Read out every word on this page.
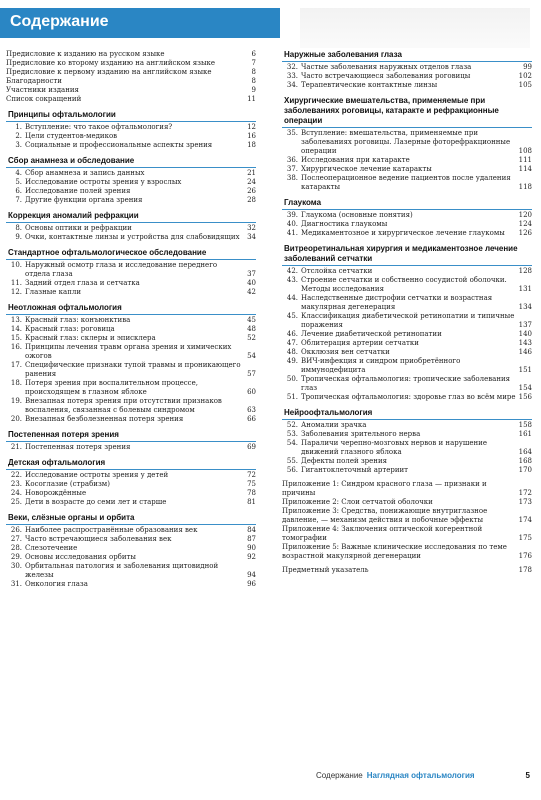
Содержание
Предисловие к изданию на русском языке	6
Предисловие ко второму изданию на английском языке	7
Предисловие к первому изданию на английском языке	8
Благодарности	8
Участники издания	9
Список сокращений	11
Принципы офтальмологии
1. Вступление: что такое офтальмология?	12
2. Цели студентов-медиков	16
3. Социальные и профессиональные аспекты зрения	18
Сбор анамнеза и обследование
4. Сбор анамнеза и запись данных	21
5. Исследование остроты зрения у взрослых	24
6. Исследование полей зрения	26
7. Другие функции органа зрения	28
Коррекция аномалий рефракции
8. Основы оптики и рефракции	32
9. Очки, контактные линзы и устройства для слабовидящих	34
Стандартное офтальмологическое обследование
10. Наружный осмотр глаза и исследование переднего отдела глаза	37
11. Задний отдел глаза и сетчатка	40
12. Глазные капли	42
Неотложная офтальмология
13. Красный глаз: конъюнктива	45
14. Красный глаз: роговица	48
15. Красный глаз: склеры и эписклера	52
16. Принципы лечения травм органа зрения и химических ожогов	54
17. Специфические признаки тупой травмы и проникающего ранения	57
18. Потеря зрения при воспалительном процессе, происходящем в глазном яблоке	60
19. Внезапная потеря зрения при отсутствии признаков воспаления, связанная с болевым синдромом	63
20. Внезапная безболезненная потеря зрения	66
Постепенная потеря зрения
21. Постепенная потеря зрения	69
Детская офтальмология
22. Исследование остроты зрения у детей	72
23. Косоглазие (страбизм)	75
24. Новорождённые	78
25. Дети в возрасте до семи лет и старше	81
Веки, слёзные органы и орбита
26. Наиболее распространённые образования век	84
27. Часто встречающиеся заболевания век	87
28. Слезотечение	90
29. Основы исследования орбиты	92
30. Орбитальная патология и заболевания щитовидной железы	94
31. Онкология глаза	96
Наружные заболевания глаза
32. Частые заболевания наружных отделов глаза	99
33. Часто встречающиеся заболевания роговицы	102
34. Терапевтические контактные линзы	105
Хирургические вмешательства, применяемые при заболеваниях роговицы, катаракте и рефракционные операции
35. Вступление: вмешательства, применяемые при заболеваниях роговицы. Лазерные фоторефракционные операции	108
36. Исследования при катаракте	111
37. Хирургическое лечение катаракты	114
38. Послеоперационное ведение пациентов после удаления катаракты	118
Глаукома
39. Глаукома (основные понятия)	120
40. Диагностика глаукомы	124
41. Медикаментозное и хирургическое лечение глаукомы	126
Витреоретинальная хирургия и медикаментозное лечение заболеваний сетчатки
42. Отслойка сетчатки	128
43. Строение сетчатки и собственно сосудистой оболочки. Методы исследования	131
44. Наследственные дистрофии сетчатки и возрастная макулярная дегенерация	134
45. Классификация диабетической ретинопатии и типичные поражения	137
46. Лечение диабетической ретинопатии	140
47. Облитерация артерии сетчатки	143
48. Окклюзия вен сетчатки	146
49. ВИЧ-инфекция и синдром приобретённого иммунодефицита	151
50. Тропическая офтальмология: тропические заболевания глаз	154
51. Тропическая офтальмология: здоровье глаз во всём мире 156
Нейроофтальмология
52. Аномалии зрачка	158
53. Заболевания зрительного нерва	161
54. Параличи черепно-мозговых нервов и нарушение движений глазного яблока	164
55. Дефекты полей зрения	168
56. Гигантоклеточный артериит	170
Приложение 1: Синдром красного глаза — признаки и причины	172
Приложение 2: Слои сетчатой оболочки	173
Приложение 3: Средства, понижающие внутриглазное давление, — механизм действия и побочные эффекты	174
Приложение 4: Заключения оптической когерентной томографии	175
Приложение 5: Важные клинические исследования по теме возрастной макулярной дегенерации	176
Предметный указатель	178
Содержание Наглядная офтальмология	5
